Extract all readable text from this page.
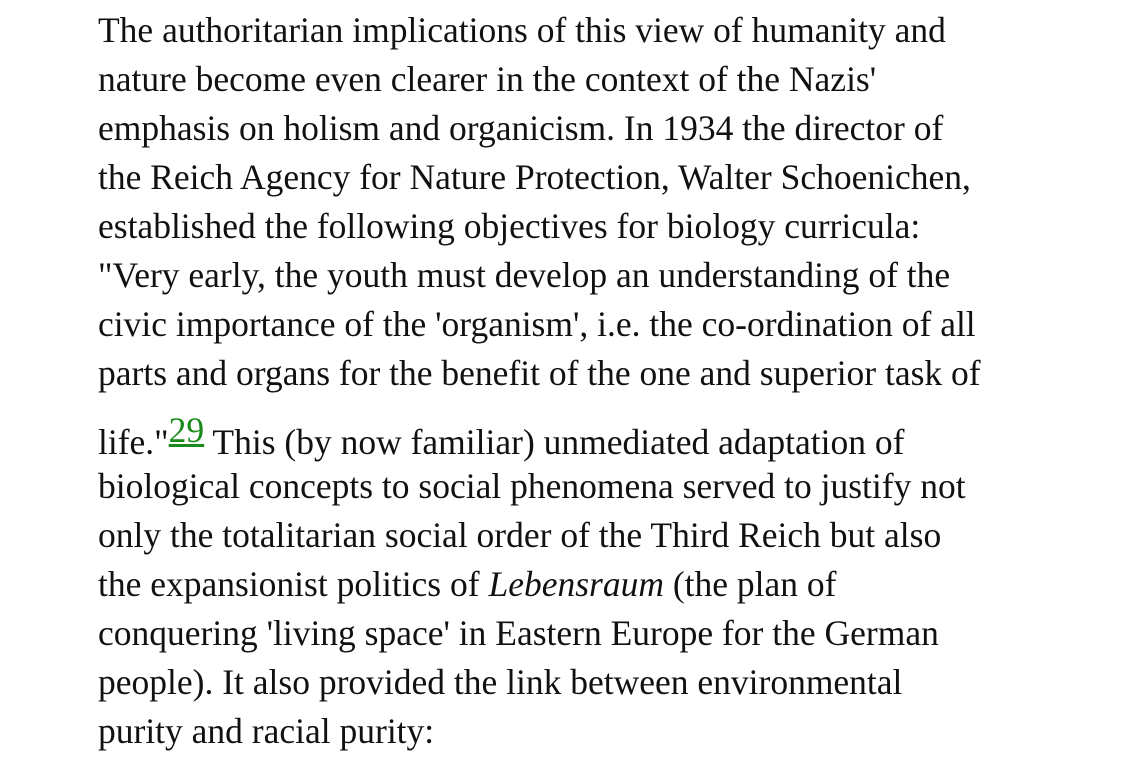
The authoritarian implications of this view of humanity and
nature become even clearer in the context of the Nazis'
emphasis on holism and organicism. In 1934 the director of
the Reich Agency for Nature Protection, Walter Schoenichen,
established the following objectives for biology curricula:
"Very early, the youth must develop an understanding of the
civic importance of the 'organism', i.e. the co-ordination of all
parts and organs for the benefit of the one and superior task of
life."29 This (by now familiar) unmediated adaptation of
biological concepts to social phenomena served to justify not
only the totalitarian social order of the Third Reich but also
the expansionist politics of Lebensraum (the plan of
conquering 'living space' in Eastern Europe for the German
people). It also provided the link between environmental
purity and racial purity:
